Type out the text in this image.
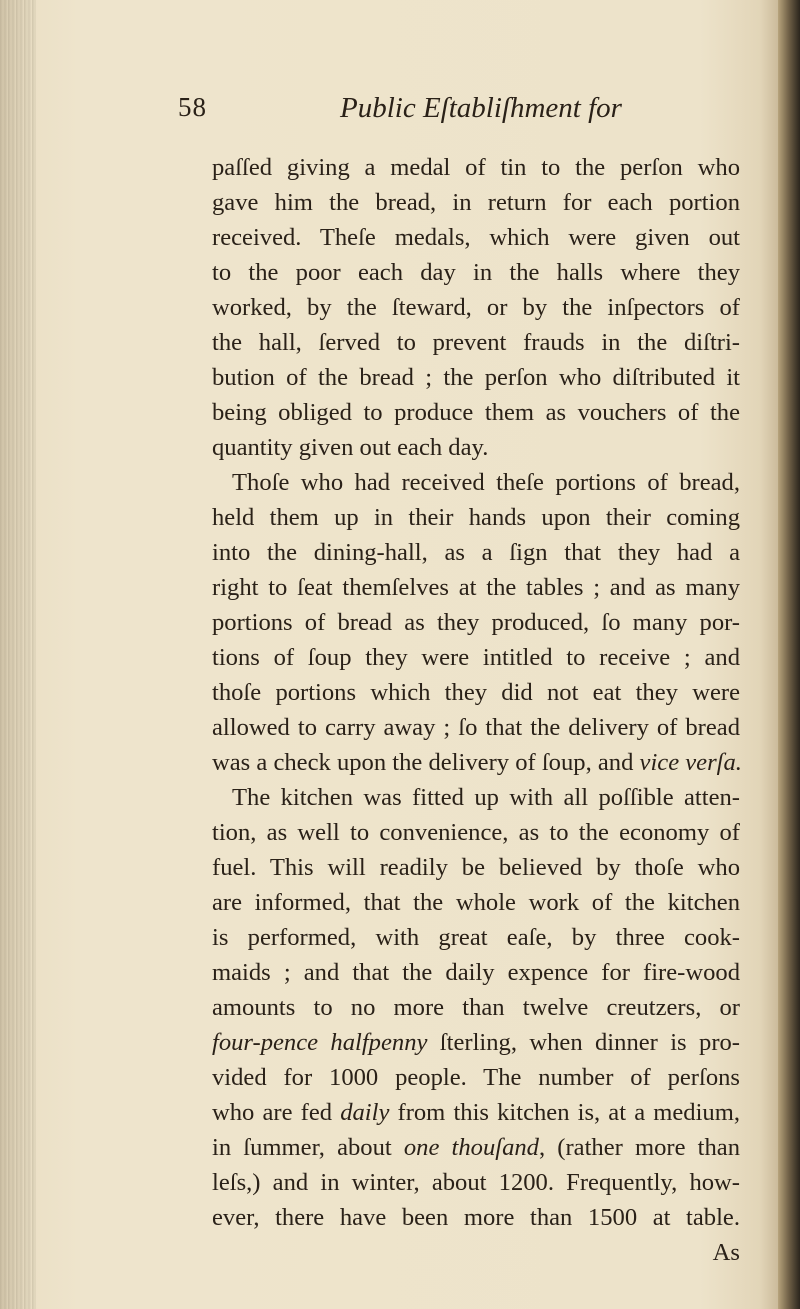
58	Public Eſtabliſhment for
paſſed giving a medal of tin to the perſon who
gave him the bread, in return for each portion
received. Theſe medals, which were given out
to the poor each day in the halls where they
worked, by the ſteward, or by the inſpectors of
the hall, ſerved to prevent frauds in the diſtri-
bution of the bread ; the perſon who diſtributed it
being obliged to produce them as vouchers of the
quantity given out each day.
Thoſe who had received theſe portions of bread,
held them up in their hands upon their coming
into the dining-hall, as a ſign that they had a
right to ſeat themſelves at the tables ; and as many
portions of bread as they produced, ſo many por-
tions of ſoup they were intitled to receive ; and
thoſe portions which they did not eat they were
allowed to carry away ; ſo that the delivery of bread
was a check upon the delivery of ſoup, and vice verſa.
The kitchen was fitted up with all poſſible atten-
tion, as well to convenience, as to the economy of
fuel. This will readily be believed by thoſe who
are informed, that the whole work of the kitchen
is performed, with great eaſe, by three cook-
maids ; and that the daily expence for fire-wood
amounts to no more than twelve creutzers, or
four-pence halfpenny ſterling, when dinner is pro-
vided for 1000 people. The number of perſons
who are fed daily from this kitchen is, at a medium,
in ſummer, about one thouſand, (rather more than
leſs,) and in winter, about 1200. Frequently, how-
ever, there have been more than 1500 at table.
As
